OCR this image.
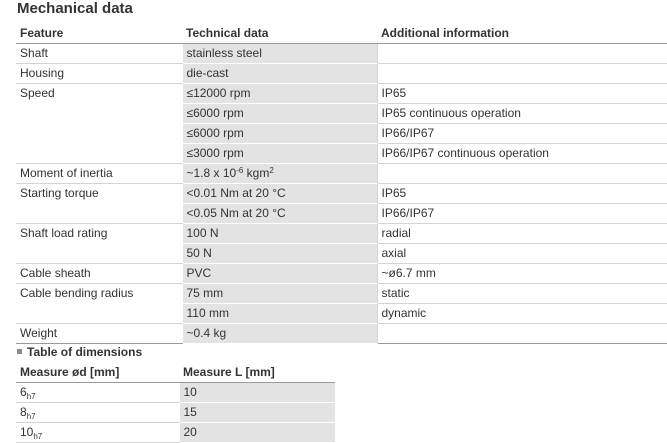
Mechanical data
Feature	Technical data	Additional information
Shaft	stainless steel	
Housing	die-cast	
Speed	≤12000 rpm	IP65
	≤6000 rpm	IP65 continuous operation
	≤6000 rpm	IP66/IP67
	≤3000 rpm	IP66/IP67 continuous operation
Moment of inertia	~1.8 x $10^{-6}$ kgm$^2$	
Starting torque	<0.01 Nm at 20 °C	IP65
	<0.05 Nm at 20 °C	IP66/IP67
Shaft load rating	100 N	radial
	50 N	axial
Cable sheath	PVC	~ø6.7 mm
Cable bending radius	75 mm	static
	110 mm	dynamic
Weight	~0.4 kg	
Table of dimensions
Measure ød [mm]	Measure L [mm]
$6_{h7}$	10
$8_{h7}$	15
$10_{h7}$	20
